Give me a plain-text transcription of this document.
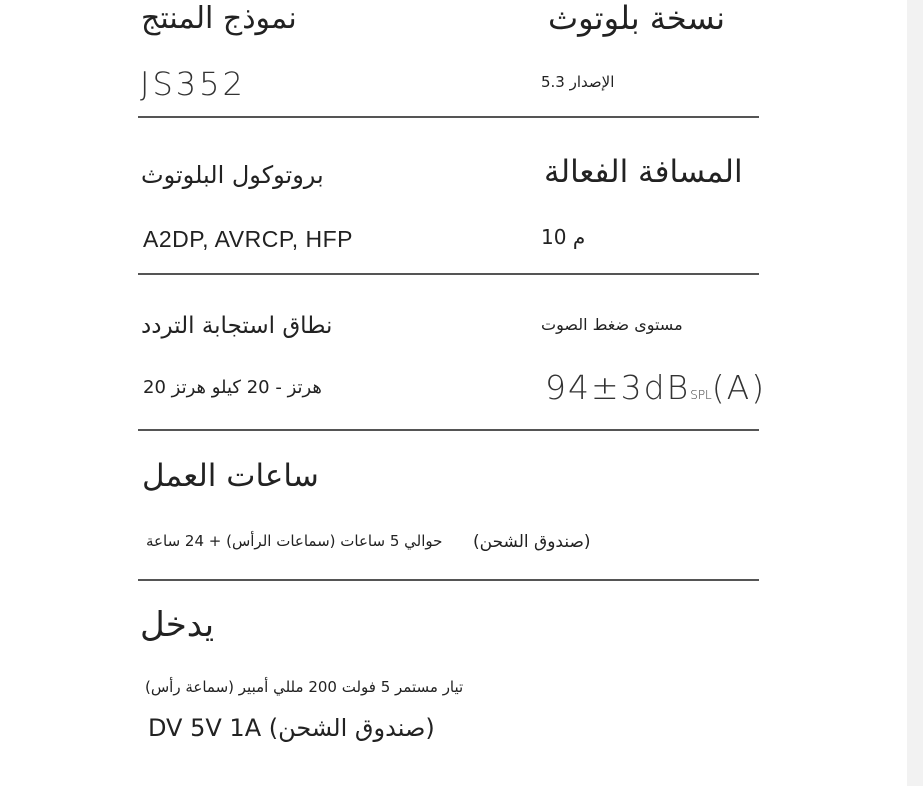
نموذج المنتج	نسخة بلوتوث
JS352	الإصدار 5.3
بروتوكول البلوتوث	المسافة الفعالة
A2DP, AVRCP, HFP	10 م
نطاق استجابة التردد	مستوى ضغط الصوت
20 هرتز - 20 كيلو هرتز	94±3dBSPL(A)
ساعات العمل
حوالي 5 ساعات (سماعات الرأس) + 24 ساعة (صندوق الشحن)
يدخل
تيار مستمر 5 فولت 200 مللي أمبير (سماعة رأس)
DV 5V 1A (صندوق الشحن)
